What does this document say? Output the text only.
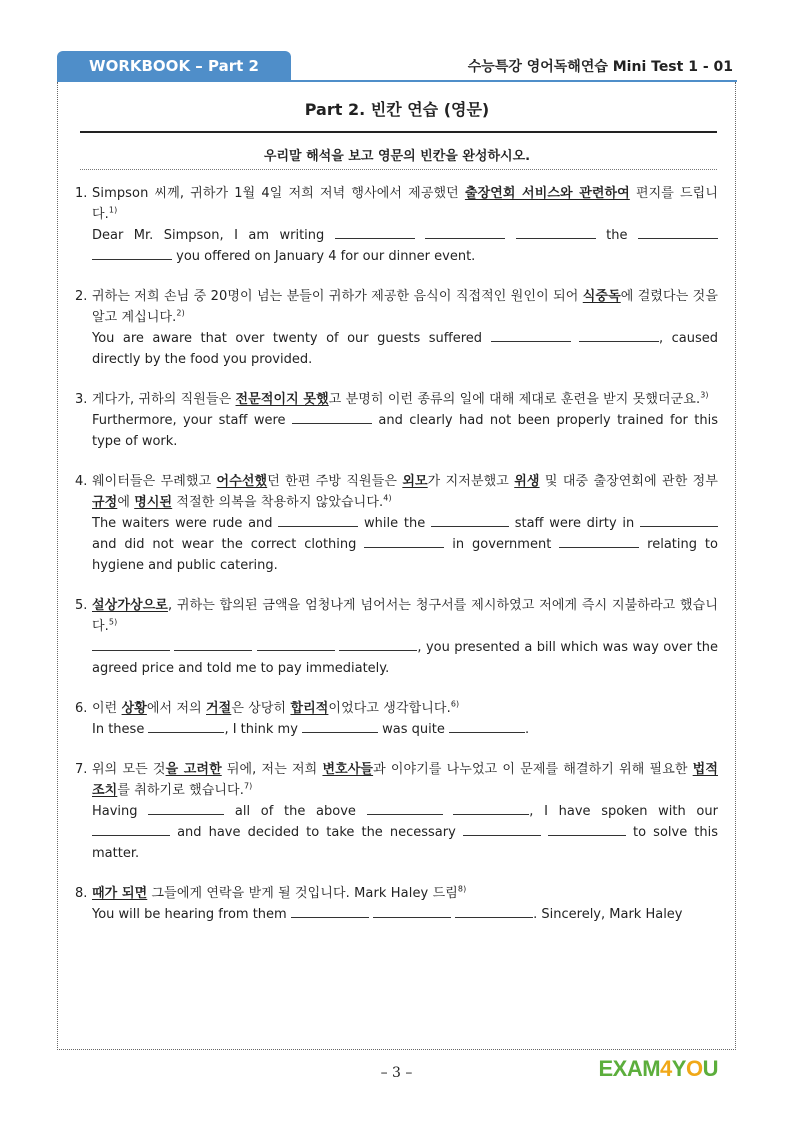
WORKBOOK – Part 2	수능특강 영어독해연습 Mini Test 1 - 01
Part 2. 빈칸 연습 (영문)
우리말 해석을 보고 영문의 빈칸을 완성하시오.
1. Simpson 씨께, 귀하가 1월 4일 저희 저녁 행사에서 제공했던 출장연회 서비스와 관련하여 편지를 드립니다.$^{1)}$
Dear Mr. Simpson, I am writing	the   you offered on January 4 for our dinner event.
2. 귀하는 저희 손님 중 20명이 넘는 분들이 귀하가 제공한 음식이 직접적인 원인이 되어 식중독에 걸렸다는 것을 알고 계십니다.$^{2)}$
You are aware that over twenty of our guests suffered	, caused directly by the food you provided.
3. 게다가, 귀하의 직원들은 전문적이지 못했고 분명히 이런 종류의 일에 대해 제대로 훈련을 받지 못했더군요.$^{3)}$
Furthermore, your staff were	and clearly had not been properly trained for this type of work.
4. 웨이터들은 무례했고 어수선했던 한편 주방 직원들은 외모가 지저분했고 위생 및 대중 출장연회에 관한 정부 규정에 명시된 적절한 의복을 착용하지 않았습니다.$^{4)}$
The waiters were rude and	while the	staff were dirty in  and did not wear the correct clothing	in government	relating to hygiene and public catering.
5. 설상가상으로, 귀하는 합의된 금액을 엄청나게 넘어서는 청구서를 제시하였고 저에게 즉시 지불하라고 했습니다.$^{5)}$
, you presented a bill which was way over the agreed price and told me to pay immediately.
6. 이런 상황에서 저의 거절은 상당히 합리적이었다고 생각합니다.$^{6)}$
In these	, I think my	was quite	.
7. 위의 모든 것을 고려한 뒤에, 저는 저희 변호사들과 이야기를 나누었고 이 문제를 해결하기 위해 필요한 법적 조치를 취하기로 했습니다.$^{7)}$
Having	all of the above	, I have spoken with our  and have decided to take the necessary	to solve this matter.
8. 때가 되면 그들에게 연락을 받게 될 것입니다. Mark Haley 드림$^{8)}$
You will be hearing from them	. Sincerely, Mark Haley
– 3 –	EXAM4YOU
